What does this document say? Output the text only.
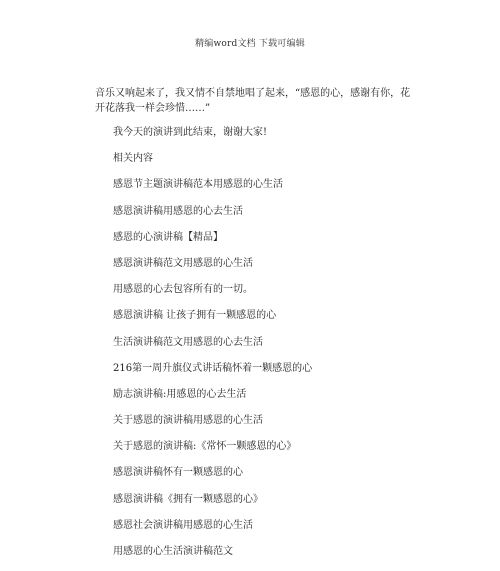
精编word文档 下载可编辑
音乐又响起来了，我又情不自禁地唱了起来，“感恩的心，感谢有你，花开花落我一样会珍惜……”
我今天的演讲到此结束，谢谢大家!
相关内容
感恩节主题演讲稿范本用感恩的心生活
感恩演讲稿用感恩的心去生活
感恩的心演讲稿【精品】
感恩演讲稿范文用感恩的心生活
用感恩的心去包容所有的一切。
感恩演讲稿 让孩子拥有一颗感恩的心
生活演讲稿范文用感恩的心去生活
216第一周升旗仪式讲话稿怀着一颗感恩的心
励志演讲稿:用感恩的心去生活
关于感恩的演讲稿用感恩的心生活
关于感恩的演讲稿:《常怀一颗感恩的心》
感恩演讲稿怀有一颗感恩的心
感恩演讲稿《拥有一颗感恩的心》
感恩社会演讲稿用感恩的心生活
用感恩的心生活演讲稿范文
